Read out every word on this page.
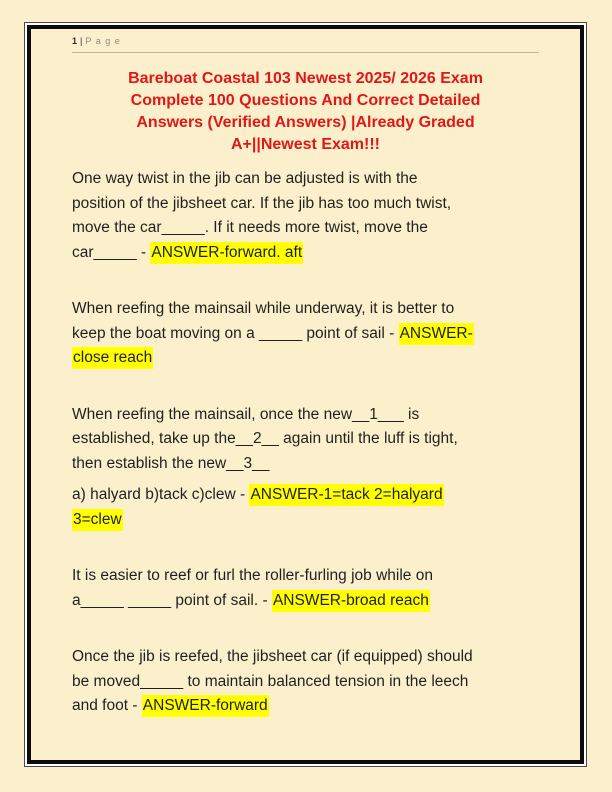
1 | P a g e
Bareboat Coastal 103 Newest 2025/ 2026 Exam
Complete 100 Questions And Correct Detailed
Answers (Verified Answers) |Already Graded
A+||Newest Exam!!!
One way twist in the jib can be adjusted is with the
position of the jibsheet car. If the jib has too much twist,
move the car_____. If it needs more twist, move the
car_____ - ANSWER-forward. aft
When reefing the mainsail while underway, it is better to
keep the boat moving on a _____ point of sail - ANSWER-
close reach
When reefing the mainsail, once the new__1___ is
established, take up the__2__ again until the luff is tight,
then establish the new__3__
a) halyard b)tack c)clew - ANSWER-1=tack 2=halyard
3=clew
It is easier to reef or furl the roller-furling job while on
a_____ _____ point of sail. - ANSWER-broad reach
Once the jib is reefed, the jibsheet car (if equipped) should
be moved_____ to maintain balanced tension in the leech
and foot - ANSWER-forward
